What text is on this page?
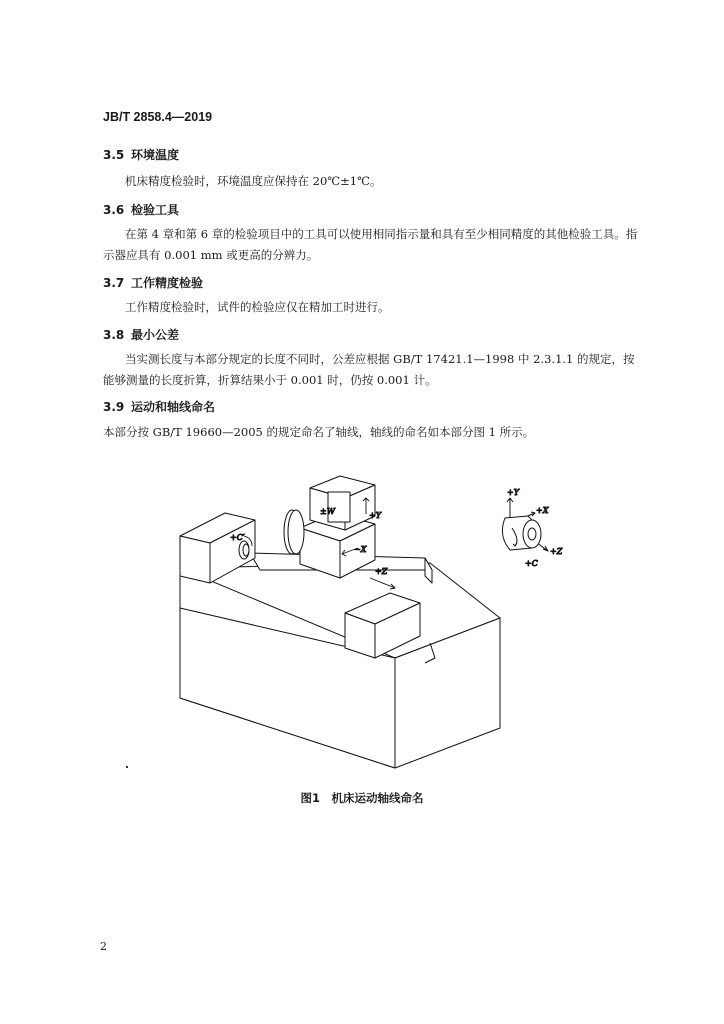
JB/T 2858.4—2019
3.5 环境温度
机床精度检验时，环境温度应保持在 20℃±1℃。
3.6 检验工具
在第 4 章和第 6 章的检验项目中的工具可以使用相同指示量和具有至少相同精度的其他检验工具。指示器应具有 0.001 mm 或更高的分辨力。
3.7 工作精度检验
工作精度检验时，试件的检验应仅在精加工时进行。
3.8 最小公差
当实测长度与本部分规定的长度不同时，公差应根据 GB/T 17421.1—1998 中 2.3.1.1 的规定，按能够测量的长度折算，折算结果小于 0.001 时，仍按 0.001 计。
3.9 运动和轴线命名
本部分按 GB/T 19660—2005 的规定命名了轴线，轴线的命名如本部分图 1 所示。
±W	+Y
−X
+Z
+C′
+Y
+X
+Z
+C
图1　机床运动轴线命名
2
